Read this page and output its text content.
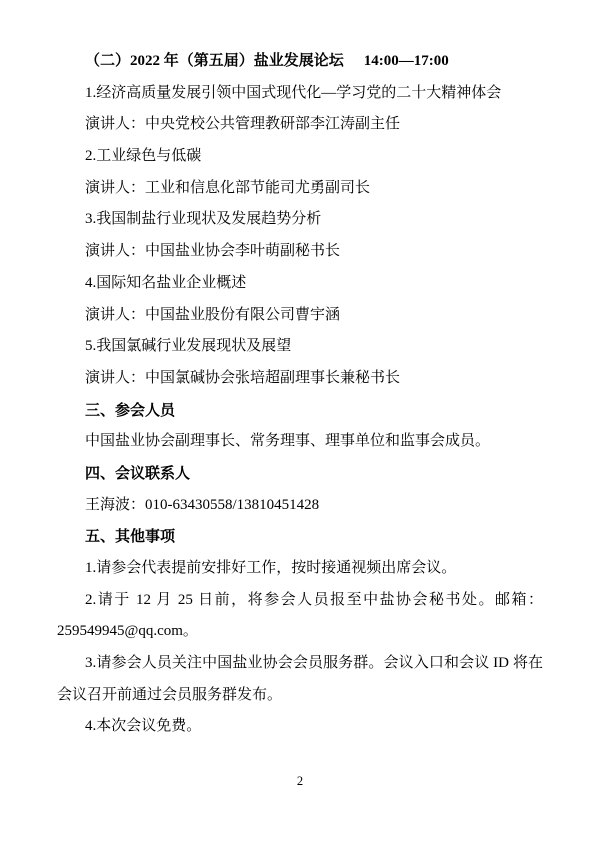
（二）2022 年（第五届）盐业发展论坛 14:00—17:00
1.经济高质量发展引领中国式现代化—学习党的二十大精神体会
演讲人：中央党校公共管理教研部李江涛副主任
2.工业绿色与低碳
演讲人：工业和信息化部节能司尤勇副司长
3.我国制盐行业现状及发展趋势分析
演讲人：中国盐业协会李叶萌副秘书长
4.国际知名盐业企业概述
演讲人：中国盐业股份有限公司曹宇涵
5.我国氯碱行业发展现状及展望
演讲人：中国氯碱协会张培超副理事长兼秘书长
三、参会人员
中国盐业协会副理事长、常务理事、理事单位和监事会成员。
四、会议联系人
王海波：010-63430558/13810451428
五、其他事项
1.请参会代表提前安排好工作，按时接通视频出席会议。
2.请于 12 月 25 日前，将参会人员报至中盐协会秘书处。邮箱：
259549945@qq.com。
3.请参会人员关注中国盐业协会会员服务群。会议入口和会议 ID 将在
会议召开前通过会员服务群发布。
4.本次会议免费。
2
